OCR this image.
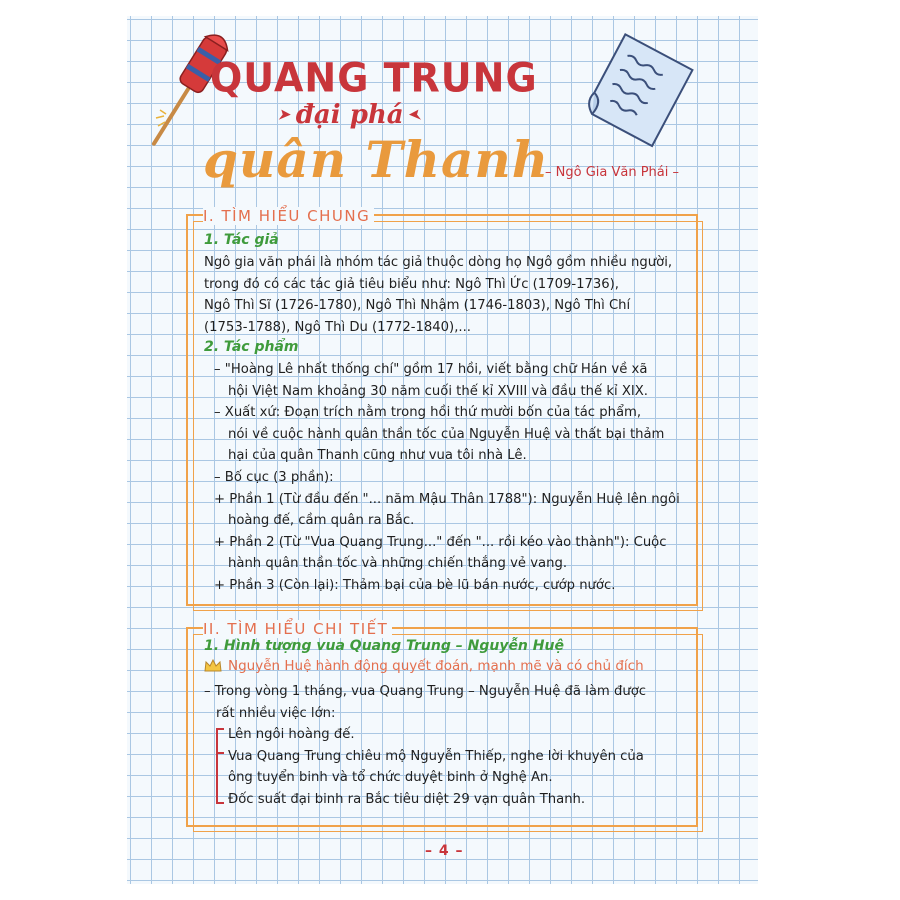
QUANG TRUNG
➤ đại phá ➤
quân Thanh
– Ngô Gia Văn Phái –
I. TÌM HIỂU CHUNG
1. Tác giả
Ngô gia văn phái là nhóm tác giả thuộc dòng họ Ngô gồm nhiều người,
trong đó có các tác giả tiêu biểu như: Ngô Thì Ức (1709-1736),
Ngô Thì Sĩ (1726-1780), Ngô Thì Nhậm (1746-1803), Ngô Thì Chí
(1753-1788), Ngô Thì Du (1772-1840),...
2. Tác phẩm
– "Hoàng Lê nhất thống chí" gồm 17 hồi, viết bằng chữ Hán về xã
hội Việt Nam khoảng 30 năm cuối thế kỉ XVIII và đầu thế kỉ XIX.
– Xuất xứ: Đoạn trích nằm trong hồi thứ mười bốn của tác phẩm,
nói về cuộc hành quân thần tốc của Nguyễn Huệ và thất bại thảm
hại của quân Thanh cũng như vua tôi nhà Lê.
– Bố cục (3 phần):
+ Phần 1 (Từ đầu đến "... năm Mậu Thân 1788"): Nguyễn Huệ lên ngôi
hoàng đế, cầm quân ra Bắc.
+ Phần 2 (Từ "Vua Quang Trung..." đến "... rồi kéo vào thành"): Cuộc
hành quân thần tốc và những chiến thắng vẻ vang.
+ Phần 3 (Còn lại): Thảm bại của bè lũ bán nước, cướp nước.
II. TÌM HIỂU CHI TIẾT
1. Hình tượng vua Quang Trung – Nguyễn Huệ
Nguyễn Huệ hành động quyết đoán, mạnh mẽ và có chủ đích
– Trong vòng 1 tháng, vua Quang Trung – Nguyễn Huệ đã làm được
rất nhiều việc lớn:
Lên ngôi hoàng đế.
Vua Quang Trung chiêu mộ Nguyễn Thiếp, nghe lời khuyên của
ông tuyển binh và tổ chức duyệt binh ở Nghệ An.
Đốc suất đại binh ra Bắc tiêu diệt 29 vạn quân Thanh.
– 4 –
